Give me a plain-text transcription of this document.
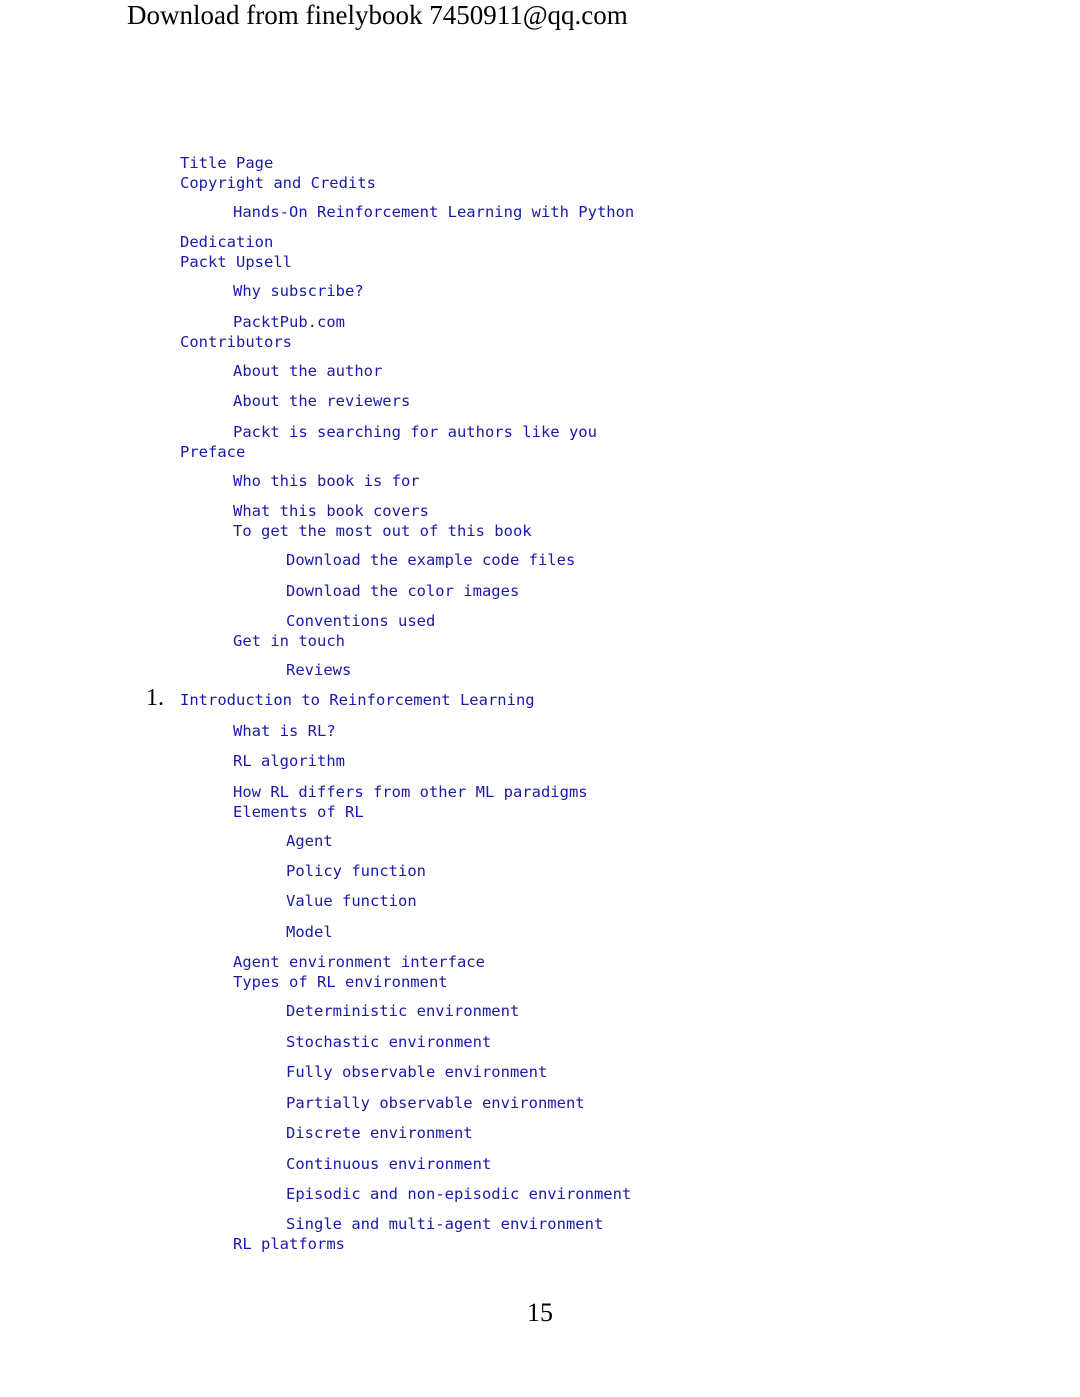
Download from finelybook 7450911@qq.com
Title Page
Copyright and Credits
Hands-On Reinforcement Learning with Python
Dedication
Packt Upsell
Why subscribe?
PacktPub.com
Contributors
About the author
About the reviewers
Packt is searching for authors like you
Preface
Who this book is for
What this book covers
To get the most out of this book
Download the example code files
Download the color images
Conventions used
Get in touch
Reviews
1. Introduction to Reinforcement Learning
What is RL?
RL algorithm
How RL differs from other ML paradigms
Elements of RL
Agent
Policy function
Value function
Model
Agent environment interface
Types of RL environment
Deterministic environment
Stochastic environment
Fully observable environment
Partially observable environment
Discrete environment
Continuous environment
Episodic and non-episodic environment
Single and multi-agent environment
RL platforms
15
